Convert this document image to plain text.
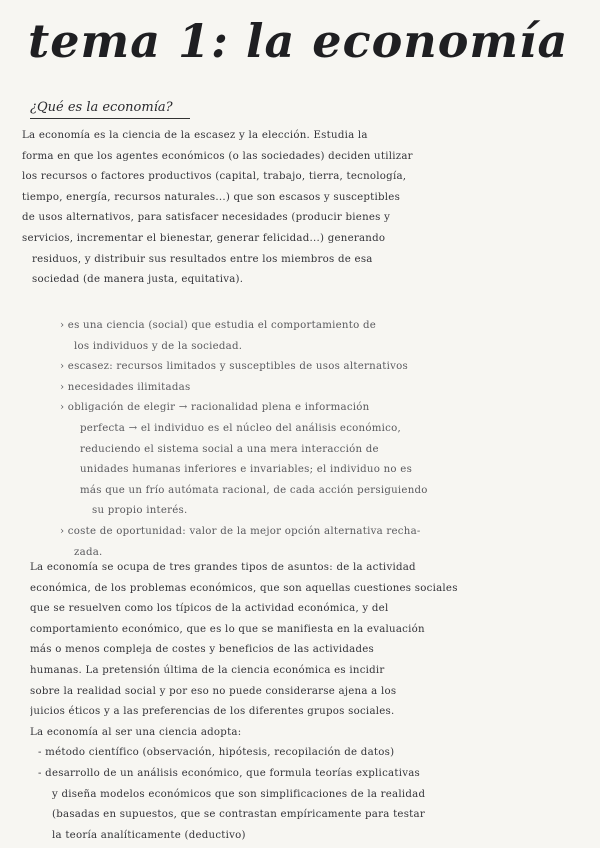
tema 1: la economía

¿Qué es la economía?

La economía es la ciencia de la escasez y la elección. Estudia la
forma en que los agentes económicos (o las sociedades) deciden utilizar
los recursos o factores productivos (capital, trabajo, tierra, tecnología,
tiempo, energía, recursos naturales...) que son escasos y susceptibles
de usos alternativos, para satisfacer necesidades (producir bienes y
servicios, incrementar el bienestar, generar felicidad...) generando
residuos, y distribuir sus resultados entre los miembros de esa
sociedad (de manera justa, equitativa).
› es una ciencia (social) que estudia el comportamiento de
los individuos y de la sociedad.
› escasez: recursos limitados y susceptibles de usos alternativos
› necesidades ilimitadas
› obligación de elegir → racionalidad plena e información
perfecta → el individuo es el núcleo del análisis económico,
reduciendo el sistema social a una mera interacción de
unidades humanas inferiores e invariables; el individuo no es
más que un frío autómata racional, de cada acción persiguiendo
su propio interés.
› coste de oportunidad: valor de la mejor opción alternativa recha-
zada.
La economía se ocupa de tres grandes tipos de asuntos: de la actividad
económica, de los problemas económicos, que son aquellas cuestiones sociales
que se resuelven como los típicos de la actividad económica, y del
comportamiento económico, que es lo que se manifiesta en la evaluación
más o menos compleja de costes y beneficios de las actividades
humanas. La pretensión última de la ciencia económica es incidir
sobre la realidad social y por eso no puede considerarse ajena a los
juicios éticos y a las preferencias de los diferentes grupos sociales.
La economía al ser una ciencia adopta:
- método científico (observación, hipótesis, recopilación de datos)
- desarrollo de un análisis económico, que formula teorías explicativas
y diseña modelos económicos que son simplificaciones de la realidad
(basadas en supuestos, que se contrastan empíricamente para testar
la teoría analíticamente (deductivo)
